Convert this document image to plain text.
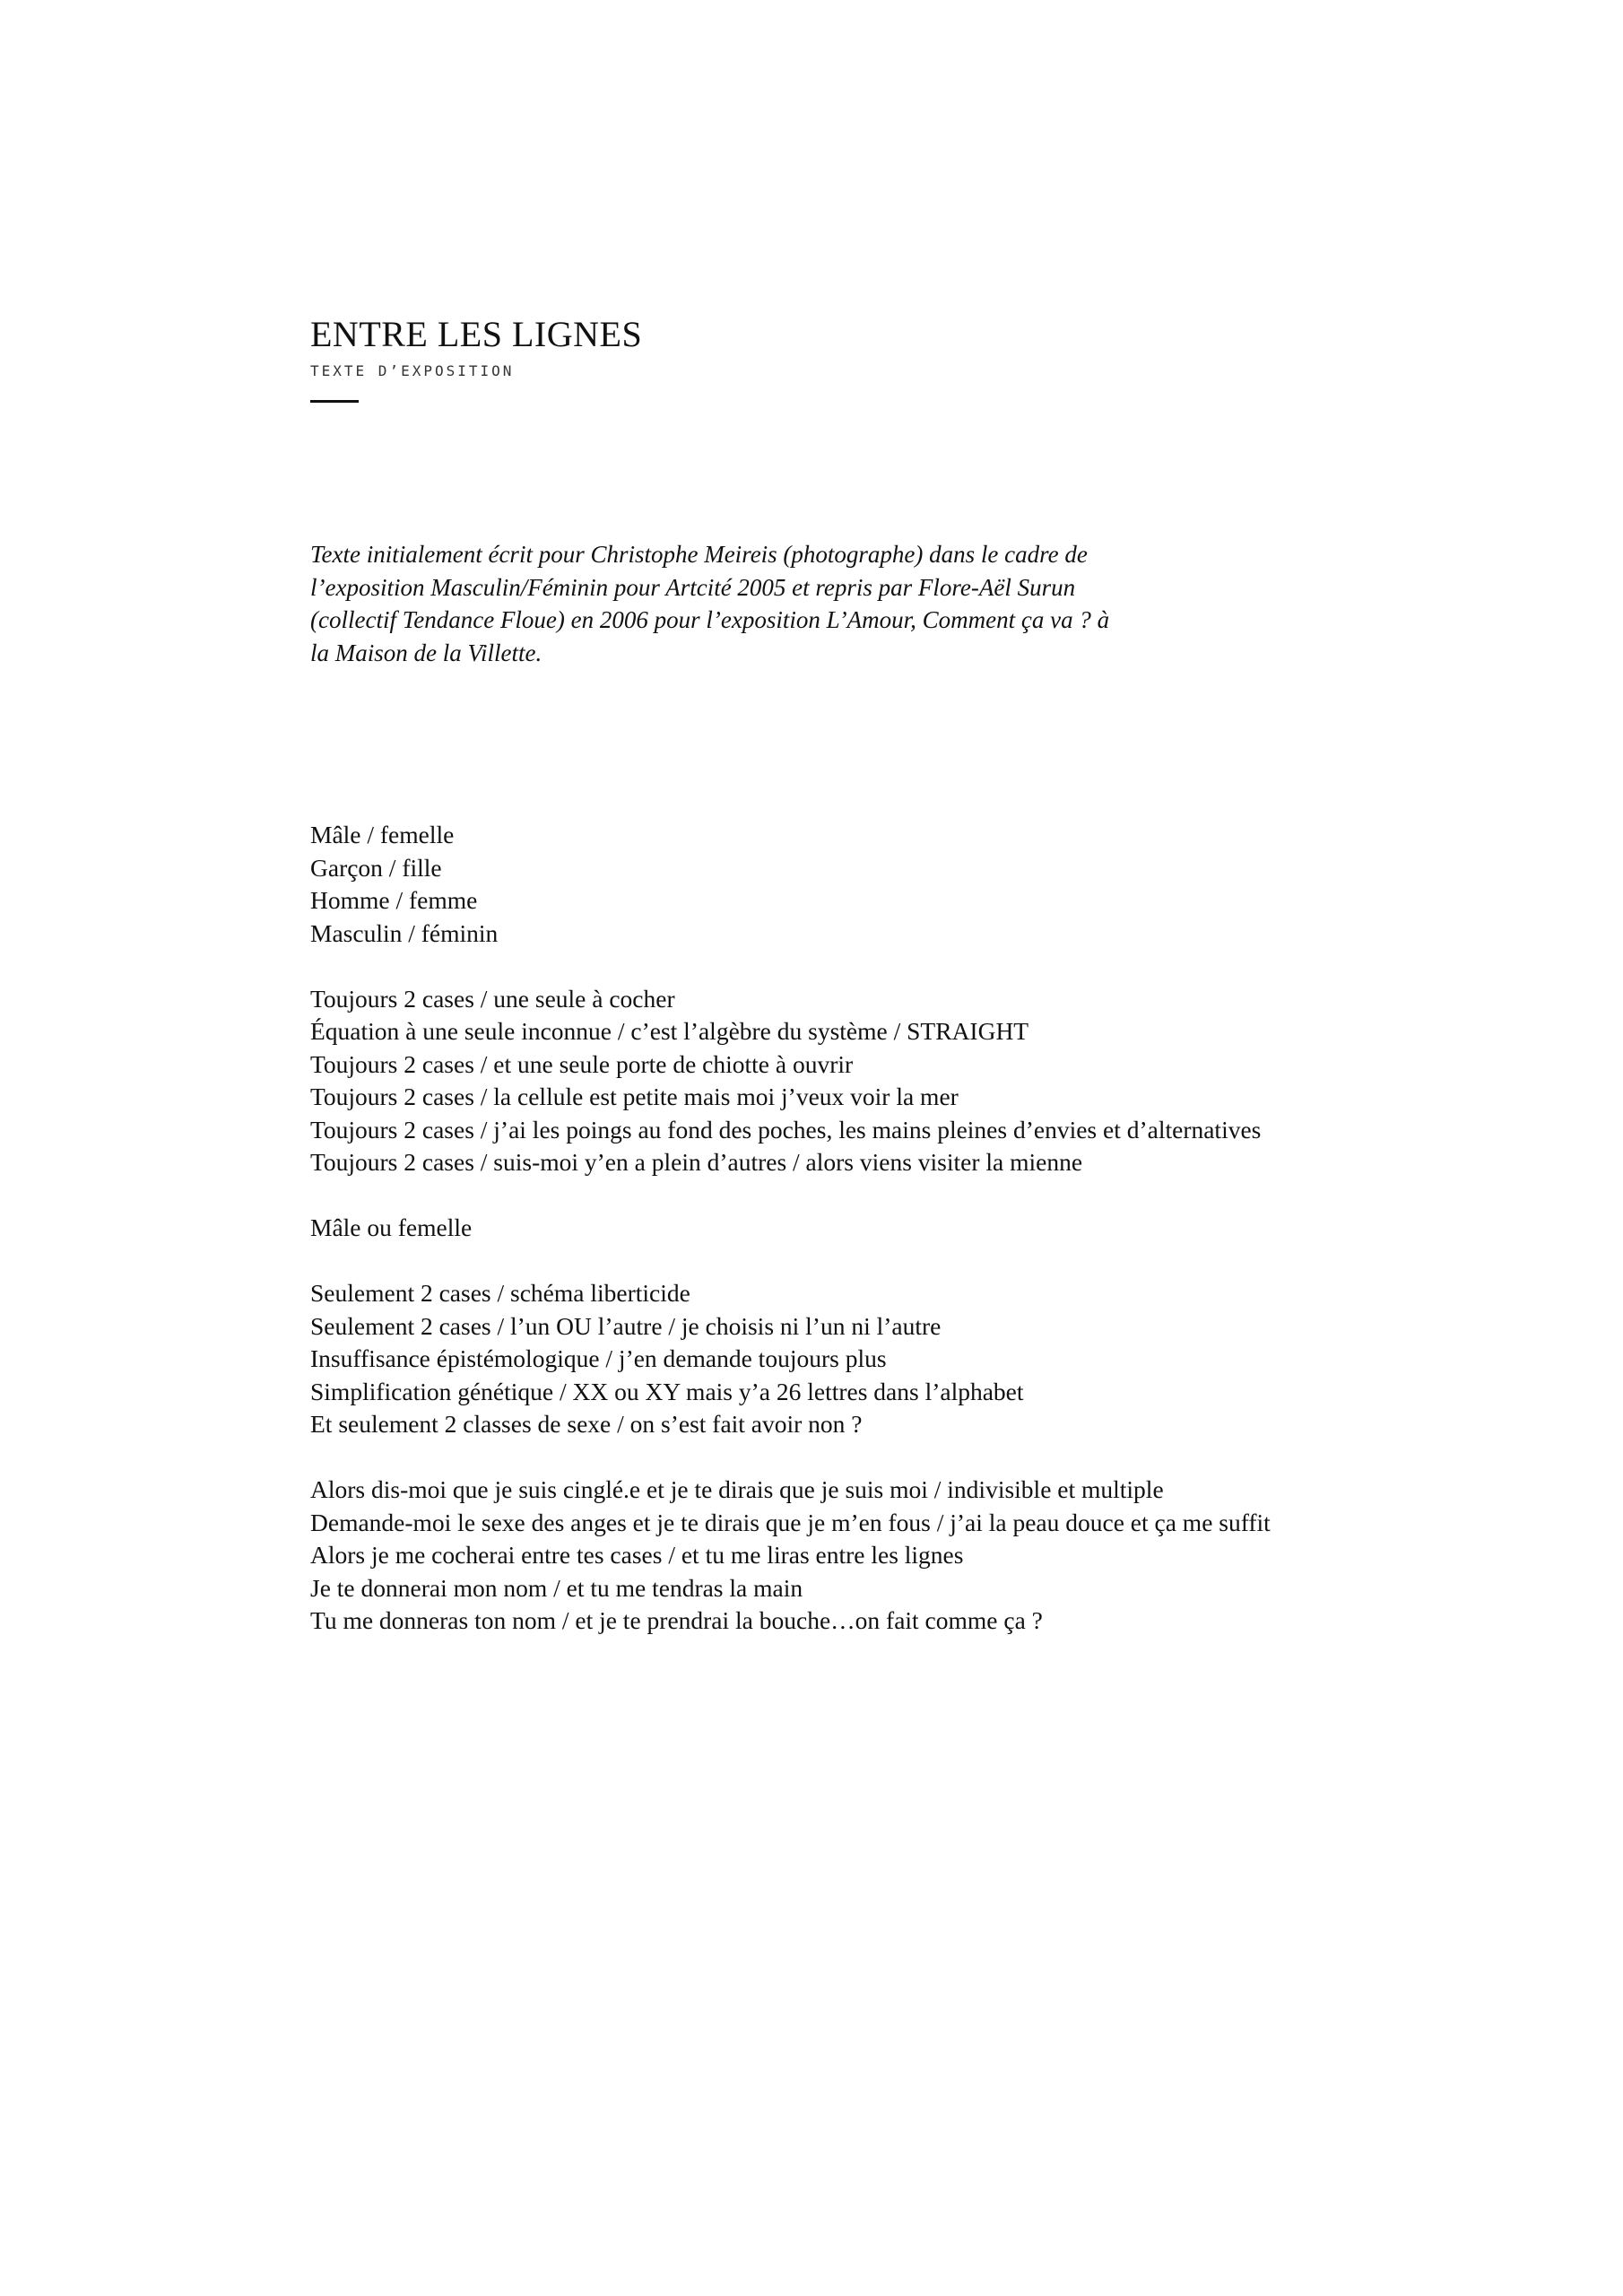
ENTRE LES LIGNES
TEXTE D’EXPOSITION

Texte initialement écrit pour Christophe Meireis (photographe) dans le cadre de
l’exposition Masculin/Féminin pour Artcité 2005 et repris par Flore-Aël Surun
(collectif Tendance Floue) en 2006 pour l’exposition L’Amour, Comment ça va ? à
la Maison de la Villette.

Mâle / femelle
Garçon / fille
Homme / femme
Masculin / féminin
Toujours 2 cases / une seule à cocher
Équation à une seule inconnue / c’est l’algèbre du système / STRAIGHT
Toujours 2 cases / et une seule porte de chiotte à ouvrir
Toujours 2 cases / la cellule est petite mais moi j’veux voir la mer
Toujours 2 cases / j’ai les poings au fond des poches, les mains pleines d’envies et d’alternatives
Toujours 2 cases / suis-moi y’en a plein d’autres / alors viens visiter la mienne
Mâle ou femelle
Seulement 2 cases / schéma liberticide
Seulement 2 cases / l’un OU l’autre / je choisis ni l’un ni l’autre
Insuffisance épistémologique / j’en demande toujours plus
Simplification génétique / XX ou XY mais y’a 26 lettres dans l’alphabet
Et seulement 2 classes de sexe / on s’est fait avoir non ?
Alors dis-moi que je suis cinglé.e et je te dirais que je suis moi / indivisible et multiple
Demande-moi le sexe des anges et je te dirais que je m’en fous / j’ai la peau douce et ça me suffit
Alors je me cocherai entre tes cases / et tu me liras entre les lignes
Je te donnerai mon nom / et tu me tendras la main
Tu me donneras ton nom / et je te prendrai la bouche…on fait comme ça ?
